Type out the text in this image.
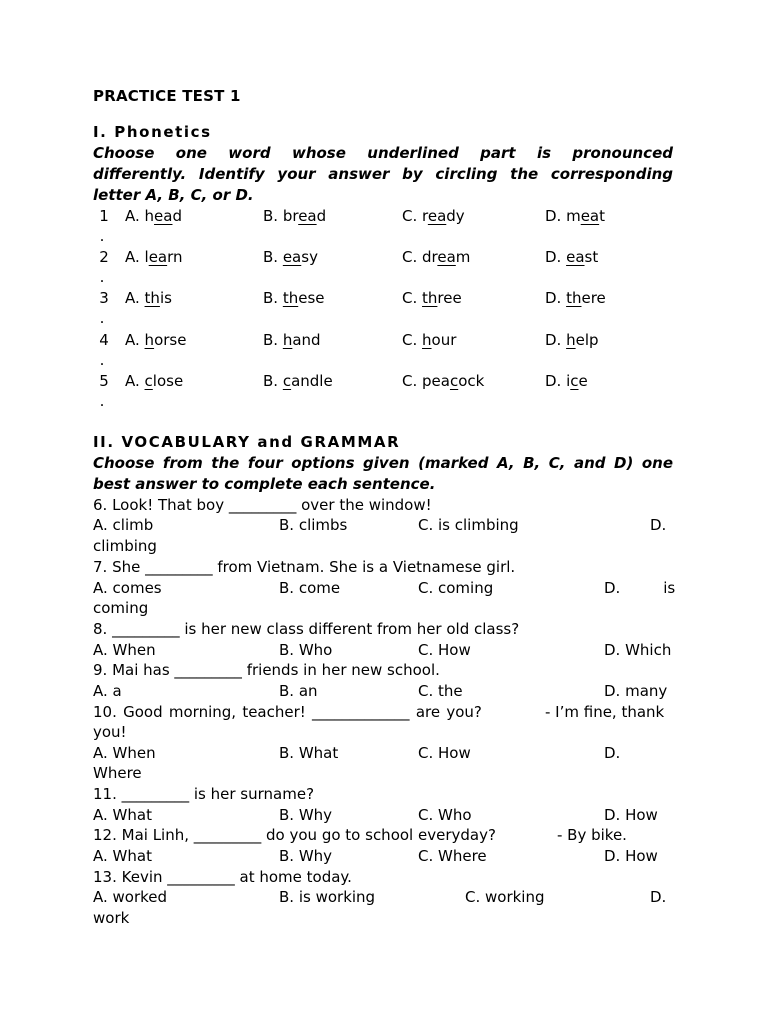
PRACTICE TEST 1
I. Phonetics
Choose one word whose underlined part is pronounced
differently. Identify your answer by circling the corresponding
letter A, B, C, or D.
1
.
A. head	B. bread	C. ready	D. meat
2
.
A. learn	B. easy	C. dream	D. east
3
.
A. this	B. these	C. three	D. there
4
.
A. horse	B. hand	C. hour	D. help
5
.
A. close	B. candle	C. peacock	D. ice
II. VOCABULARY and GRAMMAR
Choose from the four options given (marked A, B, C, and D) one
best answer to complete each sentence.
6. Look! That boy _________ over the window!
A. climb	B. climbs	C. is climbing	D.
climbing
7. She _________ from Vietnam. She is a Vietnamese girl.
A. comes	B. come	C. coming	D.         is
coming
8. _________ is her new class different from her old class?
A. When	B. Who	C. How	D. Which
9. Mai has _________ friends in her new school.
A. a	B. an	C. the	D. many
10. Good morning, teacher! _____________ are you?	- I’m fine, thank
you!
A. When	B. What	C. How	D.
Where
11. _________ is her surname?
A. What	B. Why	C. Who	D. How
12. Mai Linh, _________ do you go to school everyday?	- By bike.
A. What	B. Why	C. Where	D. How
13. Kevin _________ at home today.
A. worked	B. is working	C. working	D.
work
